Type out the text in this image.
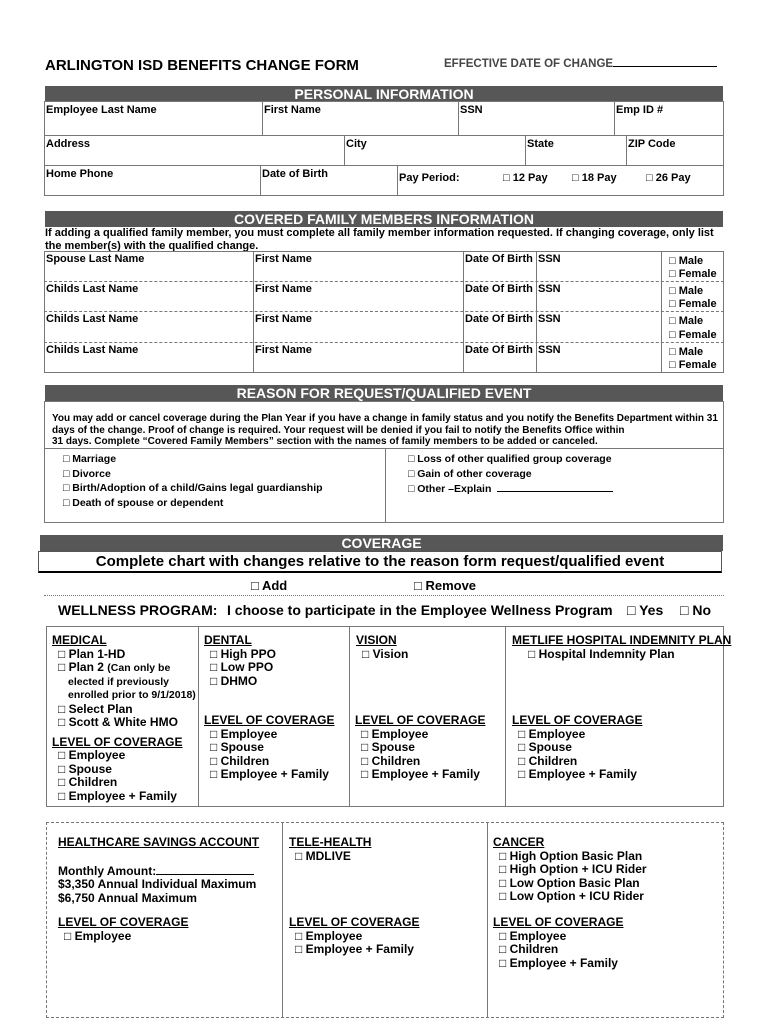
ARLINGTON ISD BENEFITS CHANGE FORM	EFFECTIVE DATE OF CHANGE
PERSONAL INFORMATION
Employee Last Name	First Name	SSN	Emp ID #
Address	City	State	ZIP Code
Home Phone	Date of Birth	Pay Period:	□ 12 Pay □ 18 Pay	□ 26 Pay
COVERED FAMILY MEMBERS INFORMATION
If adding a qualified family member, you must complete all family member information requested. If changing coverage, only list the member(s) with the qualified change.
Spouse Last Name	First Name	Date Of Birth SSN	□ Male
□ Female
Childs Last Name	First Name	Date Of Birth SSN	□ Male
□ Female
Childs Last Name	First Name	Date Of Birth SSN	□ Male
□ Female
Childs Last Name	First Name	Date Of Birth SSN	□ Male
□ Female
REASON FOR REQUEST/QUALIFIED EVENT
You may add or cancel coverage during the Plan Year if you have a change in family status and you notify the Benefits Department within 31
days of the change. Proof of change is required. Your request will be denied if you fail to notify the Benefits Office within
31 days. Complete “Covered Family Members” section with the names of family members to be added or canceled.
□ Marriage
□ Divorce
□ Birth/Adoption of a child/Gains legal guardianship
□ Death of spouse or dependent
□ Loss of other qualified group coverage
□ Gain of other coverage
□ Other –Explain
COVERAGE
Complete chart with changes relative to the reason form request/qualified event
□ Add	□ Remove
WELLNESS PROGRAM: I choose to participate in the Employee Wellness Program □ Yes □ No
MEDICAL
□ Plan 1-HD
□ Plan 2 (Can only be
elected if previously
enrolled prior to 9/1/2018)
□ Select Plan
□ Scott & White HMO
LEVEL OF COVERAGE
□ Employee
□ Spouse
□ Children
□ Employee + Family
DENTAL
□ High PPO
□ Low PPO
□ DHMO
LEVEL OF COVERAGE
□ Employee
□ Spouse
□ Children
□ Employee + Family
VISION
□ Vision
LEVEL OF COVERAGE
□ Employee
□ Spouse
□ Children
□ Employee + Family
METLIFE HOSPITAL INDEMNITY PLAN
□ Hospital Indemnity Plan
LEVEL OF COVERAGE
□ Employee
□ Spouse
□ Children
□ Employee + Family
HEALTHCARE SAVINGS ACCOUNT
Monthly Amount:
$3,350 Annual Individual Maximum
$6,750 Annual Maximum
LEVEL OF COVERAGE
□ Employee
TELE-HEALTH
□ MDLIVE
LEVEL OF COVERAGE
□ Employee
□ Employee + Family
CANCER
□ High Option Basic Plan
□ High Option + ICU Rider
□ Low Option Basic Plan
□ Low Option + ICU Rider
LEVEL OF COVERAGE
□ Employee
□ Children
□ Employee + Family
